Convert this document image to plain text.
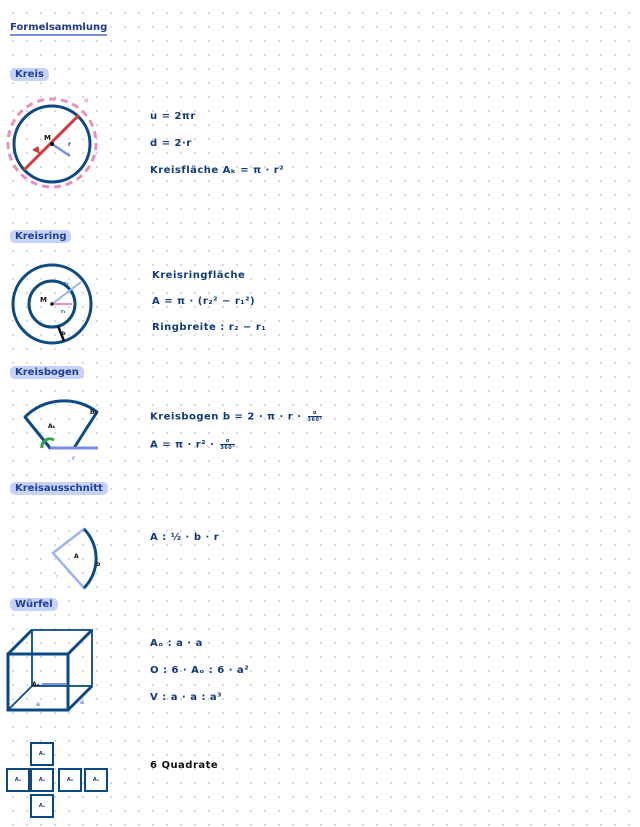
Formelsammlung
Kreis
M
r
u
d
u = 2πr
d = 2·r
Kreisfläche Aₖ = π · r²
Kreisring
M
r₂
r₁
b
Kreisringfläche
A = π · (r₂² − r₁²)
Ringbreite : r₂ − r₁
Kreisbogen
Aₖ
bₐ
r
Kreisbogen $b = 2 \cdot \pi \cdot r \cdot \frac{\alpha}{360^\circ}$
$A = \pi \cdot r^2 \cdot \frac{\alpha}{360^\circ}$
Kreisausschnitt
A
b
r
r
A : ½ · b · r
Würfel
Aₒ
a	a
Aₒ : a · a
O : 6 · Aₒ : 6 · a²
V : a · a : a³
Aₒ
Aₒ	Aₒ	Aₒ	Aₒ
Aₒ
6 Quadrate
